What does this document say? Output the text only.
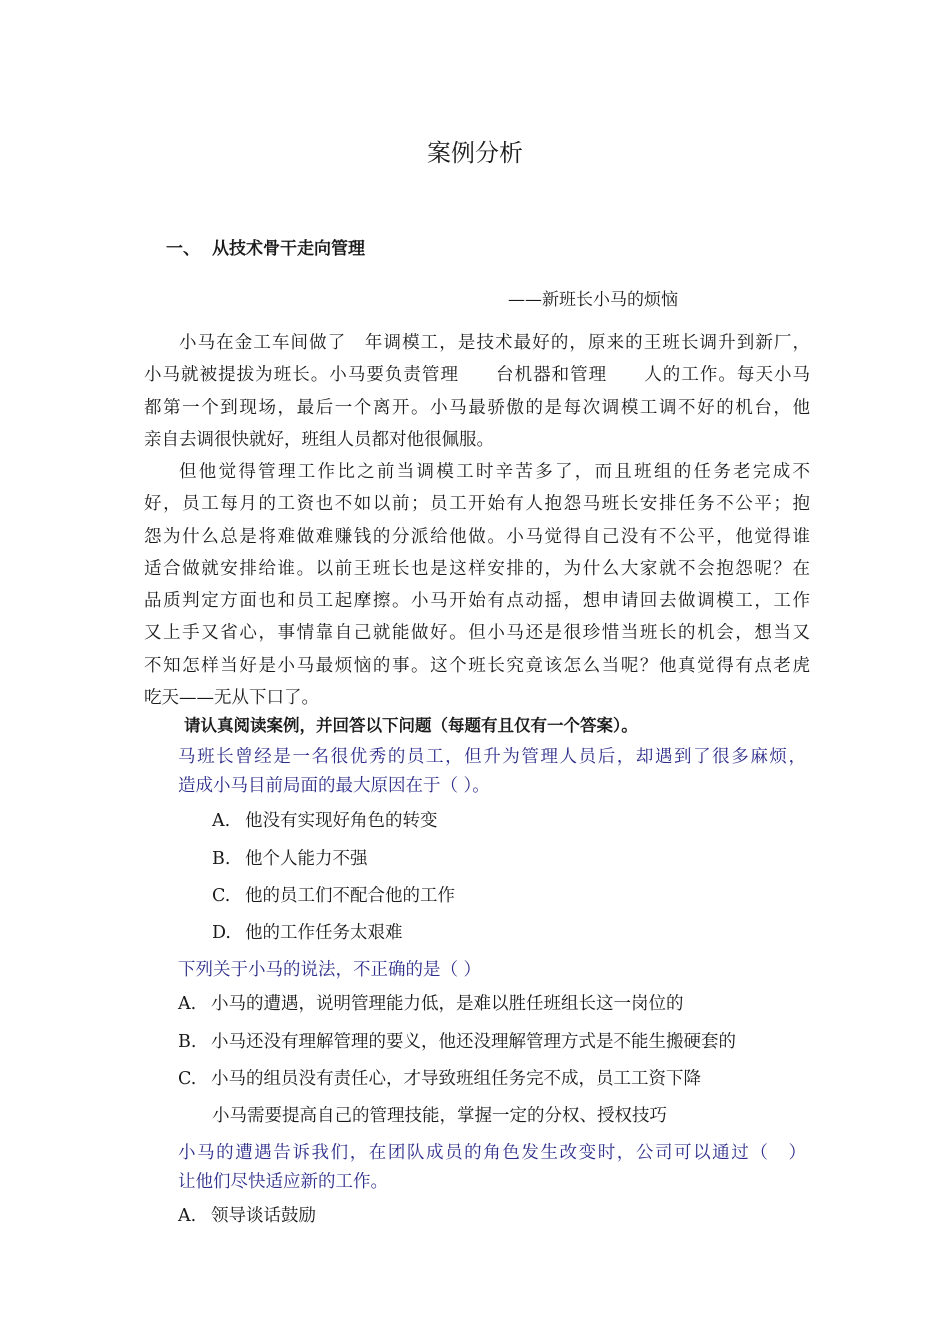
案例分析
一、 从技术骨干走向管理
——新班长小马的烦恼
小马在金工车间做了　年调模工，是技术最好的，原来的王班长调升到新厂，
小马就被提拔为班长。小马要负责管理　　台机器和管理　　人的工作。每天小马
都第一个到现场，最后一个离开。小马最骄傲的是每次调模工调不好的机台，他
亲自去调很快就好，班组人员都对他很佩服。
但他觉得管理工作比之前当调模工时辛苦多了，而且班组的任务老完成不
好，员工每月的工资也不如以前；员工开始有人抱怨马班长安排任务不公平；抱
怨为什么总是将难做难赚钱的分派给他做。小马觉得自己没有不公平，他觉得谁
适合做就安排给谁。以前王班长也是这样安排的，为什么大家就不会抱怨呢？在
品质判定方面也和员工起摩擦。小马开始有点动摇，想申请回去做调模工，工作
又上手又省心，事情靠自己就能做好。但小马还是很珍惜当班长的机会，想当又
不知怎样当好是小马最烦恼的事。这个班长究竟该怎么当呢？他真觉得有点老虎
吃天——无从下口了。
请认真阅读案例，并回答以下问题（每题有且仅有一个答案）。
马班长曾经是一名很优秀的员工，但升为管理人员后，却遇到了很多麻烦，
造成小马目前局面的最大原因在于（ ）。
A. 他没有实现好角色的转变
B. 他个人能力不强
C. 他的员工们不配合他的工作
D. 他的工作任务太艰难
下列关于小马的说法，不正确的是（ ）
A. 小马的遭遇，说明管理能力低，是难以胜任班组长这一岗位的
B. 小马还没有理解管理的要义，他还没理解管理方式是不能生搬硬套的
C. 小马的组员没有责任心，才导致班组任务完不成，员工工资下降
小马需要提高自己的管理技能，掌握一定的分权、授权技巧
小马的遭遇告诉我们，在团队成员的角色发生改变时，公司可以通过（　）
让他们尽快适应新的工作。
A. 领导谈话鼓励
